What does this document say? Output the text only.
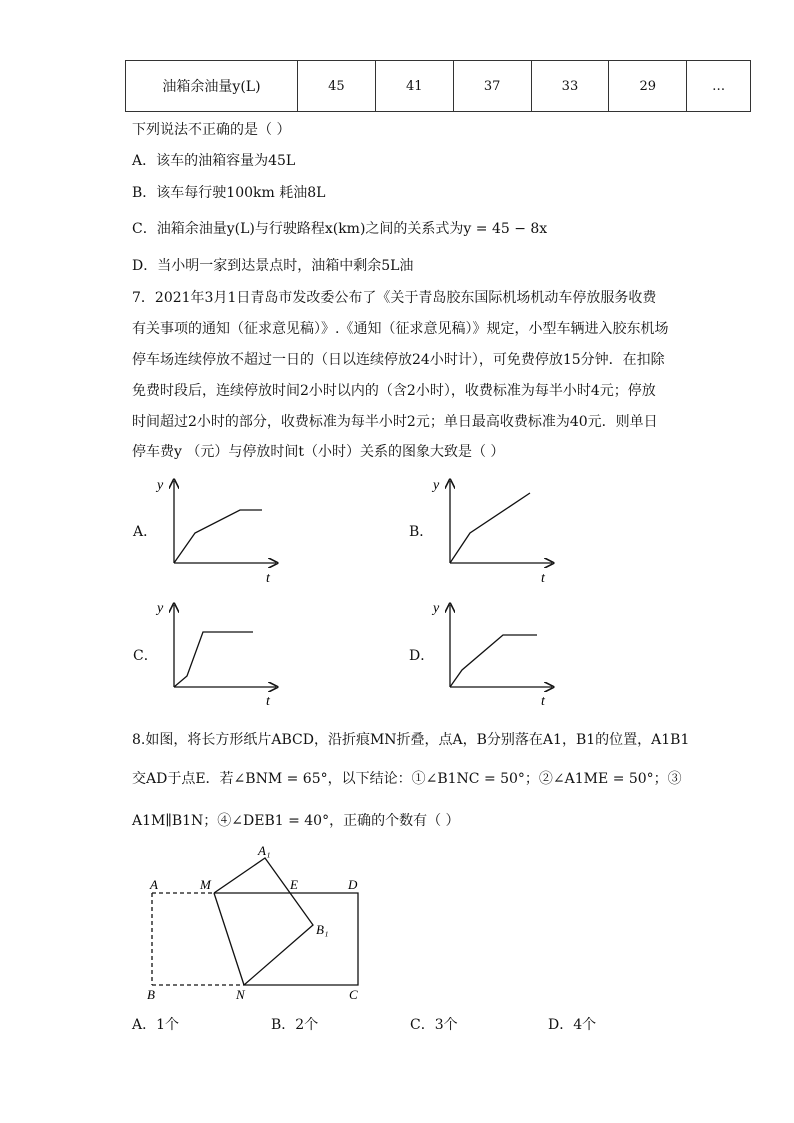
油箱余油量y(L)	45	41	37	33	29	…
下列说法不正确的是（ ）
A．该车的油箱容量为45L
B．该车每行驶100km 耗油8L
C．油箱余油量y(L)与行驶路程x(km)之间的关系式为y = 45 − 8x
D．当小明一家到达景点时，油箱中剩余5L油
7．2021年3月1日青岛市发改委公布了《关于青岛胶东国际机场机动车停放服务收费
有关事项的通知（征求意见稿）》.《通知（征求意见稿）》规定，小型车辆进入胶东机场
停车场连续停放不超过一日的（日以连续停放24小时计），可免费停放15分钟．在扣除
免费时段后，连续停放时间2小时以内的（含2小时），收费标准为每半小时4元；停放
时间超过2小时的部分，收费标准为每半小时2元；单日最高收费标准为40元．则单日
停车费y （元）与停放时间t（小时）关系的图象大致是（ ）
A．	B．
C．	D．
y
t
y
t
y
t
y
t
A	M	E	D
A₁
B₁
B	N	C
8.如图，将长方形纸片ABCD，沿折痕MN折叠，点A，B分别落在A1，B1的位置，A1B1
交AD于点E．若∠BNM = 65°，以下结论：①∠B1NC = 50°；②∠A1ME = 50°；③
A1M∥B1N；④∠DEB1 = 40°，正确的个数有（ ）
A．1个	B．2个	C．3个	D．4个
